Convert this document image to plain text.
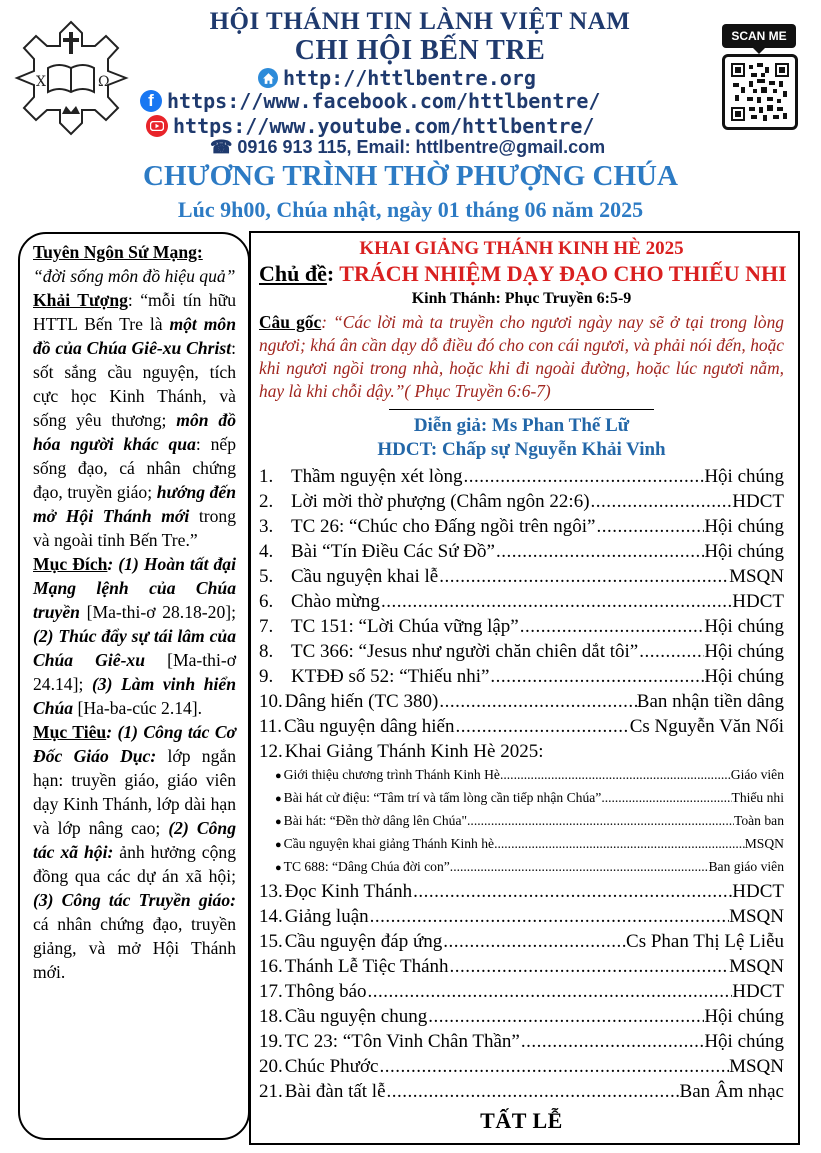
Χ	Ω
HỘI THÁNH TIN LÀNH VIỆT NAM
CHI HỘI BẾN TRE
http://httlbentre.org
f https://www.facebook.com/httlbentre/
https://www.youtube.com/httlbentre/
☎ 0916 913 115, Email: httlbentre@gmail.com
SCAN ME
CHƯƠNG TRÌNH THỜ PHƯỢNG CHÚA
Lúc 9h00, Chúa nhật, ngày 01 tháng 06 năm 2025

Tuyên Ngôn Sứ Mạng:
“đời sống môn đồ hiệu quả”

Khải Tượng: “mỗi tín hữu HTTL Bến Tre là một môn đồ của Chúa Giê-xu Christ: sốt sắng cầu nguyện, tích cực học Kinh Thánh, và sống yêu thương; môn đồ hóa người khác qua: nếp sống đạo, cá nhân chứng đạo, truyền giáo; hướng đến mở Hội Thánh mới trong và ngoài tỉnh Bến Tre.”

Mục Đích: (1) Hoàn tất đại Mạng lệnh của Chúa truyền [Ma-thi-ơ 28.18-20]; (2) Thúc đẩy sự tái lâm của Chúa Giê-xu [Ma-thi-ơ 24.14]; (3) Làm vinh hiển Chúa [Ha-ba-cúc 2.14].

Mục Tiêu: (1) Công tác Cơ Đốc Giáo Dục: lớp ngắn hạn: truyền giáo, giáo viên dạy Kinh Thánh, lớp dài hạn và lớp nâng cao; (2) Công tác xã hội: ảnh hưởng cộng đồng qua các dự án xã hội; (3) Công tác Truyền giáo: cá nhân chứng đạo, truyền giảng, và mở Hội Thánh mới.

KHAI GIẢNG THÁNH KINH HÈ 2025
Chủ đề: TRÁCH NHIỆM DẠY ĐẠO CHO THIẾU NHI
Kinh Thánh: Phục Truyền 6:5-9
Câu gốc: “Các lời mà ta truyền cho ngươi ngày nay sẽ ở tại trong lòng ngươi; khá ân cần dạy dỗ điều đó cho con cái ngươi, và phải nói đến, hoặc khi ngươi ngồi trong nhà, hoặc khi đi ngoài đường, hoặc lúc ngươi nằm, hay là khi chỗi dậy.”( Phục Truyền 6:6-7)
Diễn giả: Ms Phan Thế Lữ
HDCT: Chấp sự Nguyễn Khải Vinh
1. Thầm nguyện xét lòng .....	Hội chúng
2. Lời mời thờ phượng (Châm ngôn 22:6) .....	HDCT
3. TC 26: “Chúc cho Đấng ngồi trên ngôi” .....	Hội chúng
4. Bài “Tín Điều Các Sứ Đồ” .....	Hội chúng
5. Cầu nguyện khai lễ .....	MSQN
6. Chào mừng .....	HDCT
7. TC 151: “Lời Chúa vững lập” .....	Hội chúng
8. TC 366: “Jesus như người chăn chiên dắt tôi” .....	Hội chúng
9. KTĐĐ số 52: “Thiếu nhi” .....	Hội chúng
10. Dâng hiến (TC 380) .....	Ban nhận tiền dâng
11. Cầu nguyện dâng hiến .....	Cs Nguyễn Văn Nối
12. Khai Giảng Thánh Kinh Hè 2025:
● Giới thiệu chương trình Thánh Kinh Hè .....	Giáo viên
● Bài hát cử điệu: “Tâm trí và tấm lòng cần tiếp nhận Chúa” .....	Thiếu nhi
● Bài hát: “Đền thờ dâng lên Chúa" .....	Toàn ban
● Cầu nguyện khai giảng Thánh Kinh hè .....	MSQN
● TC 688: “Dâng Chúa đời con” .....	Ban giáo viên
13. Đọc Kinh Thánh .....	HDCT
14. Giảng luận .....	MSQN
15. Cầu nguyện đáp ứng .....	Cs Phan Thị Lệ Liễu
16. Thánh Lễ Tiệc Thánh .....	MSQN
17. Thông báo .....	HDCT
18. Cầu nguyện chung .....	Hội chúng
19. TC 23: “Tôn Vinh Chân Thần” .....	Hội chúng
20. Chúc Phước .....	MSQN
21. Bài đàn tất lễ .....	Ban Âm nhạc
TẤT LỄ
